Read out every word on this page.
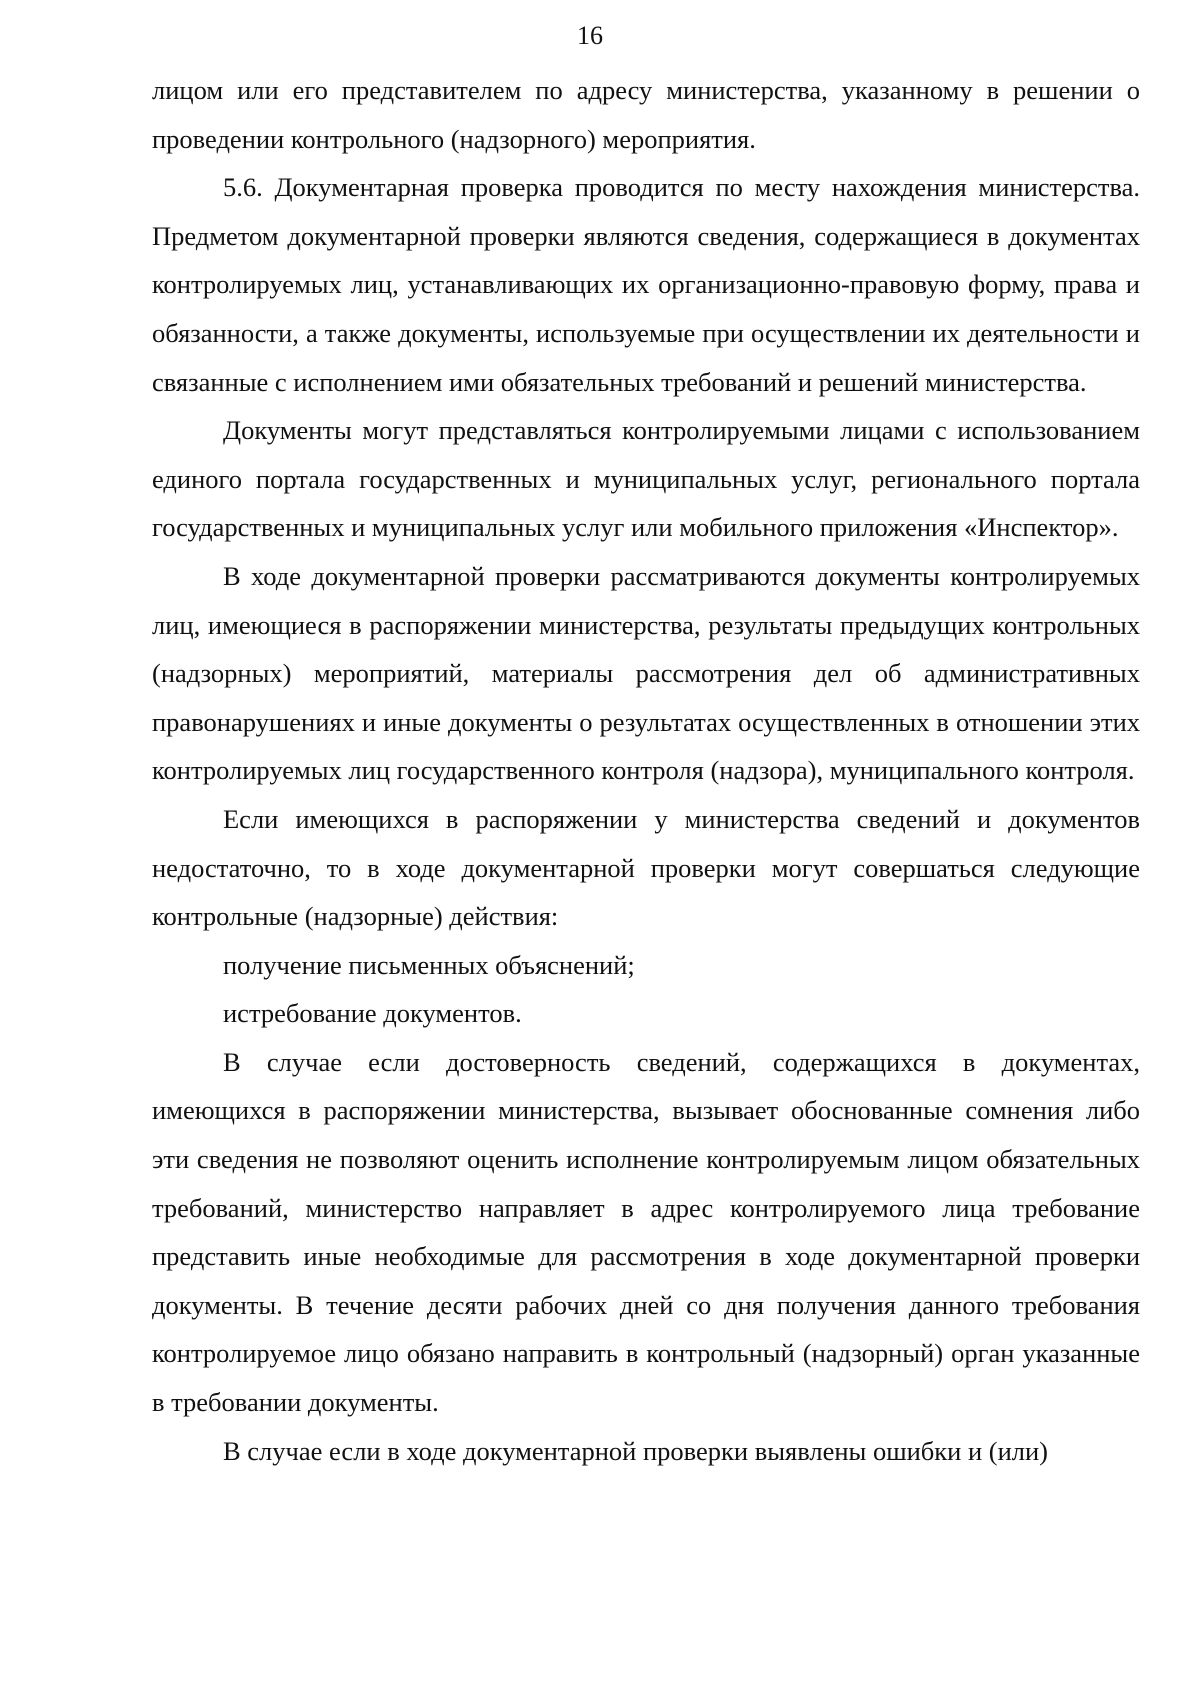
16

лицом или его представителем по адресу министерства, указанному в решении о проведении контрольного (надзорного) мероприятия.

5.6. Документарная проверка проводится по месту нахождения министерства. Предметом документарной проверки являются сведения, содержащиеся в документах контролируемых лиц, устанавливающих их организационно-правовую форму, права и обязанности, а также документы, используемые при осуществлении их деятельности и связанные с исполнением ими обязательных требований и решений министерства.

Документы могут представляться контролируемыми лицами с использованием единого портала государственных и муниципальных услуг, регионального портала государственных и муниципальных услуг или мобильного приложения «Инспектор».

В ходе документарной проверки рассматриваются документы контролируемых лиц, имеющиеся в распоряжении министерства, результаты предыдущих контрольных (надзорных) мероприятий, материалы рассмотрения дел об административных правонарушениях и иные документы о результатах осуществленных в отношении этих контролируемых лиц государственного контроля (надзора), муниципального контроля.

Если имеющихся в распоряжении у министерства сведений и документов недостаточно, то в ходе документарной проверки могут совершаться следующие контрольные (надзорные) действия:

получение письменных объяснений;

истребование документов.

В случае если достоверность сведений, содержащихся в документах, имеющихся в распоряжении министерства, вызывает обоснованные сомнения либо эти сведения не позволяют оценить исполнение контролируемым лицом обязательных требований, министерство направляет в адрес контролируемого лица требование представить иные необходимые для рассмотрения в ходе документарной проверки документы. В течение десяти рабочих дней со дня получения данного требования контролируемое лицо обязано направить в контрольный (надзорный) орган указанные в требовании документы.

В случае если в ходе документарной проверки выявлены ошибки и (или)
